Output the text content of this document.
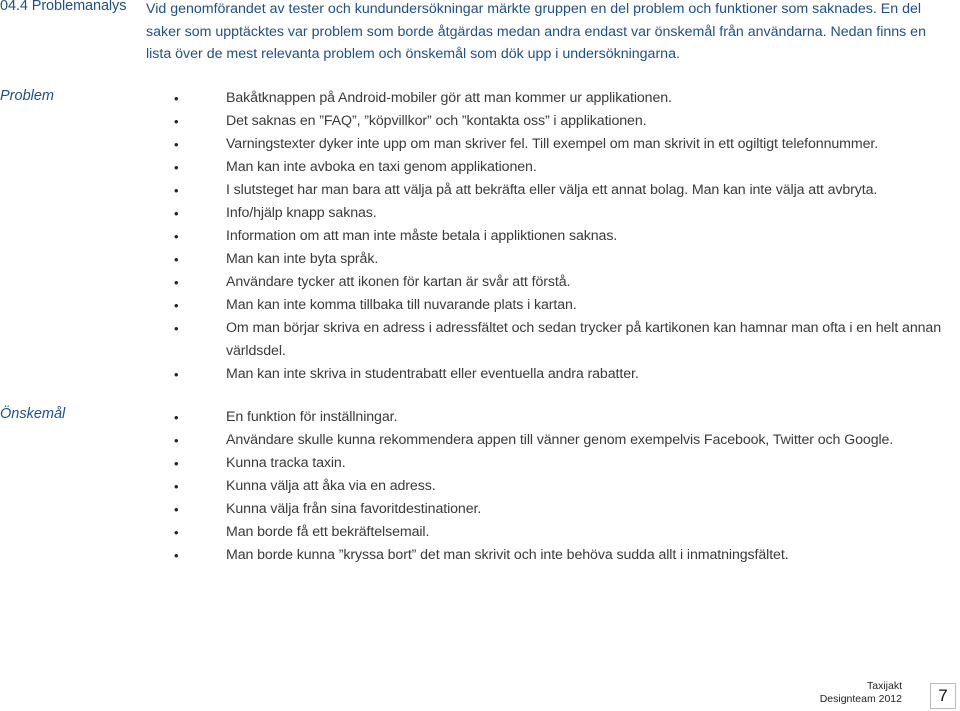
04.4 Problemanalys Vid genomförandet av tester och kundundersökningar märkte gruppen en del problem och funktioner som saknades. En del saker som upptäcktes var problem som borde åtgärdas medan andra endast var önskemål från användarna. Nedan finns en lista över de mest relevanta problem och önskemål som dök upp i undersökningarna.

Problem	•	Bakåtknappen på Android-mobiler gör att man kommer ur applikationen.
•	Det saknas en ”FAQ”, ”köpvillkor” och ”kontakta oss” i applikationen.
•	Varningstexter dyker inte upp om man skriver fel. Till exempel om man skrivit in ett ogiltigt telefonnummer.
•	Man kan inte avboka en taxi genom applikationen.
•	I slutsteget har man bara att välja på att bekräfta eller välja ett annat bolag. Man kan inte välja att avbryta.
•	Info/hjälp knapp saknas.
•	Information om att man inte måste betala i appliktionen saknas.
•	Man kan inte byta språk.
•	Användare tycker att ikonen för kartan är svår att förstå.
•	Man kan inte komma tillbaka till nuvarande plats i kartan.
•	Om man börjar skriva en adress i adressfältet och sedan trycker på kartikonen kan hamnar man ofta i en helt annan världsdel.
•	Man kan inte skriva in studentrabatt eller eventuella andra rabatter.
Önskemål	•	En funktion för inställningar.
•	Användare skulle kunna rekommendera appen till vänner genom exempelvis Facebook, Twitter och Google.
•	Kunna tracka taxin.
•	Kunna välja att åka via en adress.
•	Kunna välja från sina favoritdestinationer.
•	Man borde få ett bekräftelsemail.
•	Man borde kunna ”kryssa bort” det man skrivit och inte behöva sudda allt i inmatningsfältet.
Taxijakt
Designteam 2012	7
